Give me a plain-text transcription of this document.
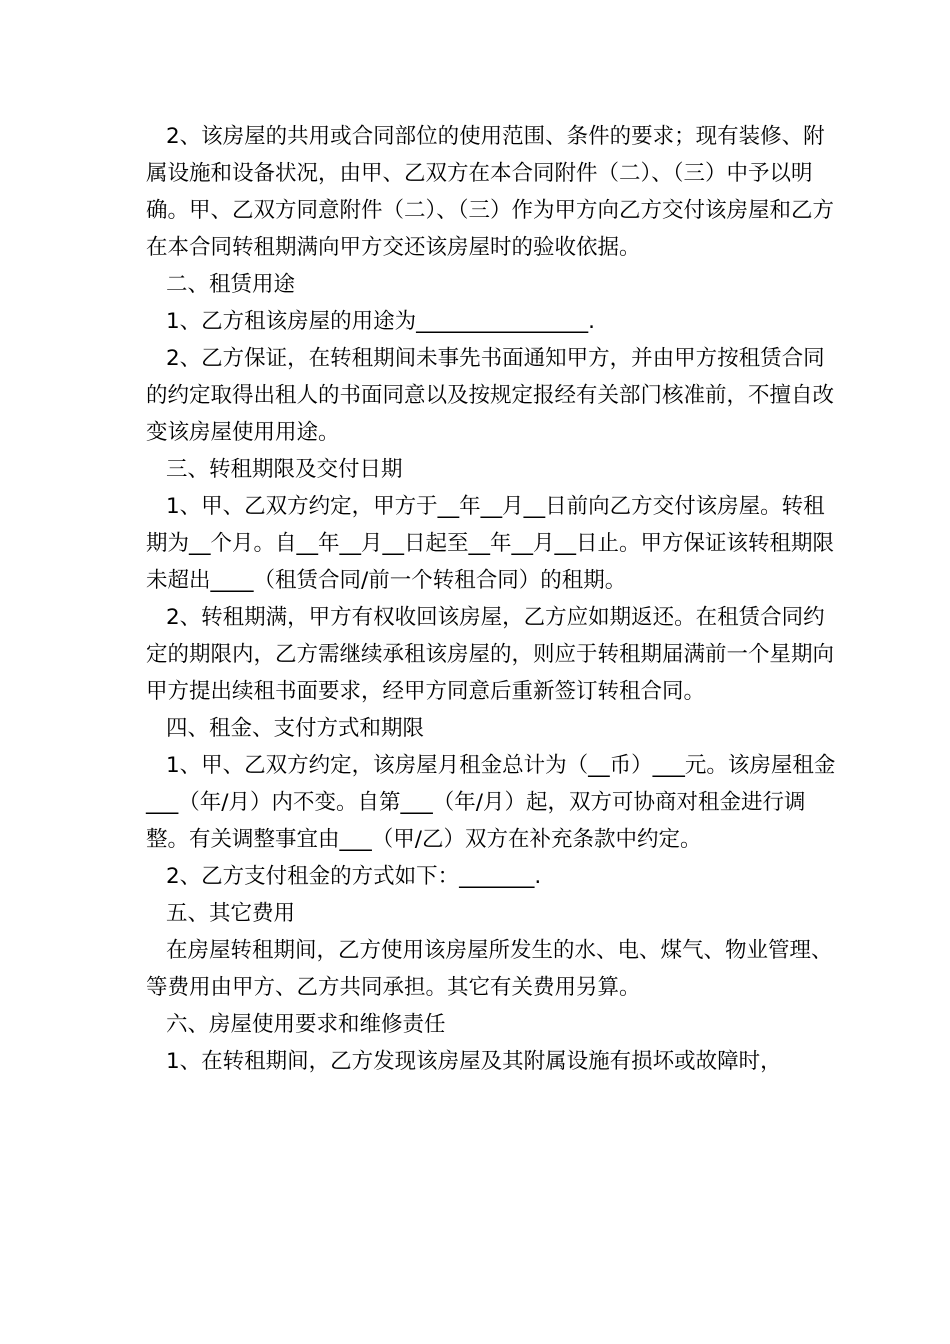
2、该房屋的共用或合同部位的使用范围、条件的要求；现有装修、附属设施和设备状况，由甲、乙双方在本合同附件（二）、（三）中予以明确。甲、乙双方同意附件（二）、（三）作为甲方向乙方交付该房屋和乙方在本合同转租期满向甲方交还该房屋时的验收依据。

二、租赁用途

1、乙方租该房屋的用途为________________.

2、乙方保证，在转租期间未事先书面通知甲方，并由甲方按租赁合同的约定取得出租人的书面同意以及按规定报经有关部门核准前，不擅自改变该房屋使用用途。

三、转租期限及交付日期

1、甲、乙双方约定，甲方于__年__月__日前向乙方交付该房屋。转租期为__个月。自__年__月__日起至__年__月__日止。甲方保证该转租期限未超出____（租赁合同/前一个转租合同）的租期。

2、转租期满，甲方有权收回该房屋，乙方应如期返还。在租赁合同约定的期限内，乙方需继续承租该房屋的，则应于转租期届满前一个星期向甲方提出续租书面要求，经甲方同意后重新签订转租合同。

四、租金、支付方式和期限

1、甲、乙双方约定，该房屋月租金总计为（__币）___元。该房屋租金___（年/月）内不变。自第___（年/月）起，双方可协商对租金进行调整。有关调整事宜由___（甲/乙）双方在补充条款中约定。

2、乙方支付租金的方式如下：_______.

五、其它费用

在房屋转租期间，乙方使用该房屋所发生的水、电、煤气、物业管理、等费用由甲方、乙方共同承担。其它有关费用另算。

六、房屋使用要求和维修责任

1、在转租期间，乙方发现该房屋及其附属设施有损坏或故障时，
